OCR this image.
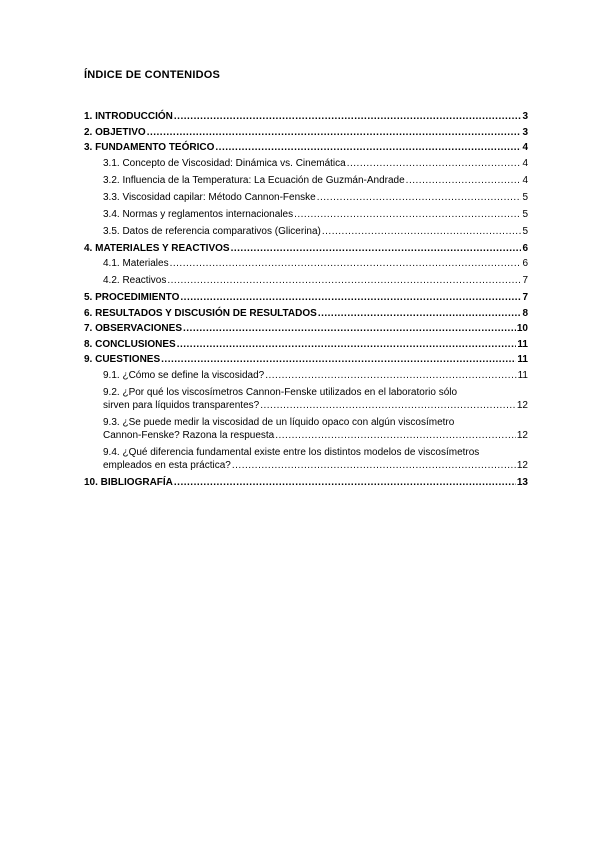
ÍNDICE DE CONTENIDOS
1. INTRODUCCIÓN .....	3
2. OBJETIVO .....	3
3. FUNDAMENTO TEÓRICO .....	4
3.1. Concepto de Viscosidad: Dinámica vs. Cinemática .....	4
3.2. Influencia de la Temperatura: La Ecuación de Guzmán-Andrade .....	4
3.3. Viscosidad capilar: Método Cannon-Fenske .....	5
3.4. Normas y reglamentos internacionales .....	5
3.5. Datos de referencia comparativos (Glicerina) .....	5
4. MATERIALES Y REACTIVOS .....	6
4.1. Materiales .....	6
4.2. Reactivos .....	7
5. PROCEDIMIENTO .....	7
6. RESULTADOS Y DISCUSIÓN DE RESULTADOS .....	8
7. OBSERVACIONES .....	10
8. CONCLUSIONES .....	11
9. CUESTIONES .....	11
9.1. ¿Cómo se define la viscosidad? .....	11
9.2. ¿Por qué los viscosímetros Cannon-Fenske utilizados en el laboratorio sólo
sirven para líquidos transparentes? .....	12
9.3. ¿Se puede medir la viscosidad de un líquido opaco con algún viscosímetro
Cannon-Fenske? Razona la respuesta .....	12
9.4. ¿Qué diferencia fundamental existe entre los distintos modelos de viscosímetros
empleados en esta práctica? .....	12
10. BIBLIOGRAFÍA .....	13
